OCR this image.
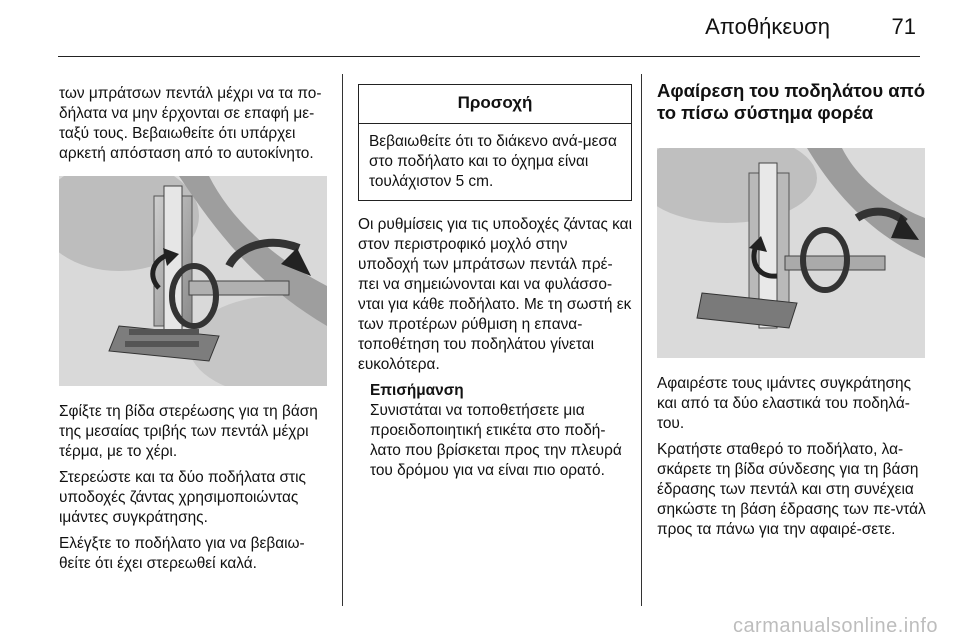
Αποθήκευση	71

των μπράτσων πεντάλ μέχρι να τα πο-δήλατα να μην έρχονται σε επαφή με-ταξύ τους. Βεβαιωθείτε ότι υπάρχει αρκετή απόσταση από το αυτοκίνητο.

Σφίξτε τη βίδα στερέωσης για τη βάση της μεσαίας τριβής των πεντάλ μέχρι τέρμα, με το χέρι.

Στερεώστε και τα δύο ποδήλατα στις υποδοχές ζάντας χρησιμοποιώντας ιμάντες συγκράτησης.

Ελέγξτε το ποδήλατο για να βεβαιω-θείτε ότι έχει στερεωθεί καλά.

Προσοχή
Βεβαιωθείτε ότι το διάκενο ανά-μεσα στο ποδήλατο και το όχημα είναι τουλάχιστον 5 cm.

Οι ρυθμίσεις για τις υποδοχές ζάντας και στον περιστροφικό μοχλό στην υποδοχή των μπράτσων πεντάλ πρέ-πει να σημειώνονται και να φυλάσσο-νται για κάθε ποδήλατο. Με τη σωστή εκ των προτέρων ρύθμιση η επανα-τοποθέτηση του ποδηλάτου γίνεται ευκολότερα.

Επισήμανση
Συνιστάται να τοποθετήσετε μια προειδοποιητική ετικέτα στο ποδή-λατο που βρίσκεται προς την πλευρά του δρόμου για να είναι πιο ορατό.
Αφαίρεση του ποδηλάτου από το πίσω σύστημα φορέα

Αφαιρέστε τους ιμάντες συγκράτησης και από τα δύο ελαστικά του ποδηλά-του.

Κρατήστε σταθερό το ποδήλατο, λα-σκάρετε τη βίδα σύνδεσης για τη βάση έδρασης των πεντάλ και στη συνέχεια σηκώστε τη βάση έδρασης των πε-ντάλ προς τα πάνω για την αφαιρέ-σετε.

carmanualsonline.info
